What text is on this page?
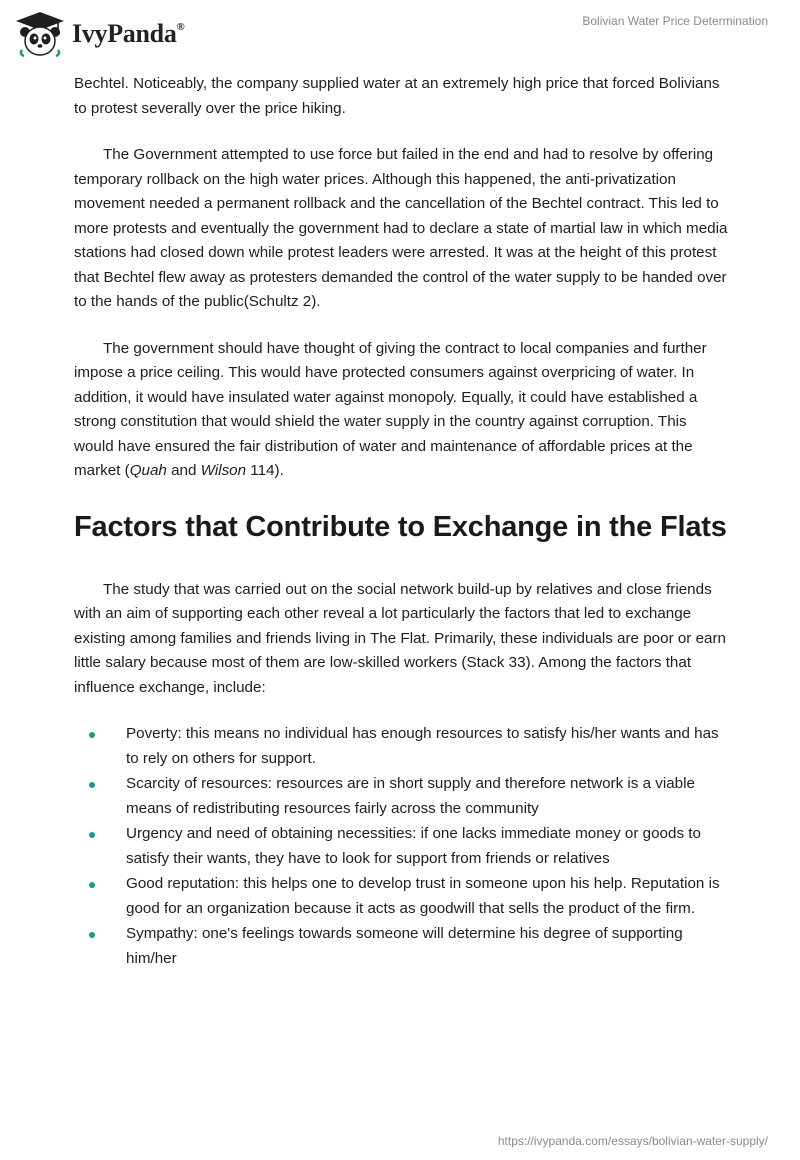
IvyPanda®	Bolivian Water Price Determination

Bechtel. Noticeably, the company supplied water at an extremely high price that forced Bolivians to protest severally over the price hiking.

The Government attempted to use force but failed in the end and had to resolve by offering temporary rollback on the high water prices. Although this happened, the anti-privatization movement needed a permanent rollback and the cancellation of the Bechtel contract. This led to more protests and eventually the government had to declare a state of martial law in which media stations had closed down while protest leaders were arrested. It was at the height of this protest that Bechtel flew away as protesters demanded the control of the water supply to be handed over to the hands of the public(Schultz 2).

The government should have thought of giving the contract to local companies and further impose a price ceiling. This would have protected consumers against overpricing of water. In addition, it would have insulated water against monopoly. Equally, it could have established a strong constitution that would shield the water supply in the country against corruption. This would have ensured the fair distribution of water and maintenance of affordable prices at the market (Quah and Wilson 114).

Factors that Contribute to Exchange in the Flats

The study that was carried out on the social network build-up by relatives and close friends with an aim of supporting each other reveal a lot particularly the factors that led to exchange existing among families and friends living in The Flat. Primarily, these individuals are poor or earn little salary because most of them are low-skilled workers (Stack 33). Among the factors that influence exchange, include:

Poverty: this means no individual has enough resources to satisfy his/her wants and has to rely on others for support.
Scarcity of resources: resources are in short supply and therefore network is a viable means of redistributing resources fairly across the community
Urgency and need of obtaining necessities: if one lacks immediate money or goods to satisfy their wants, they have to look for support from friends or relatives
Good reputation: this helps one to develop trust in someone upon his help. Reputation is good for an organization because it acts as goodwill that sells the product of the firm.
Sympathy: one's feelings towards someone will determine his degree of supporting him/her
https://ivypanda.com/essays/bolivian-water-supply/
